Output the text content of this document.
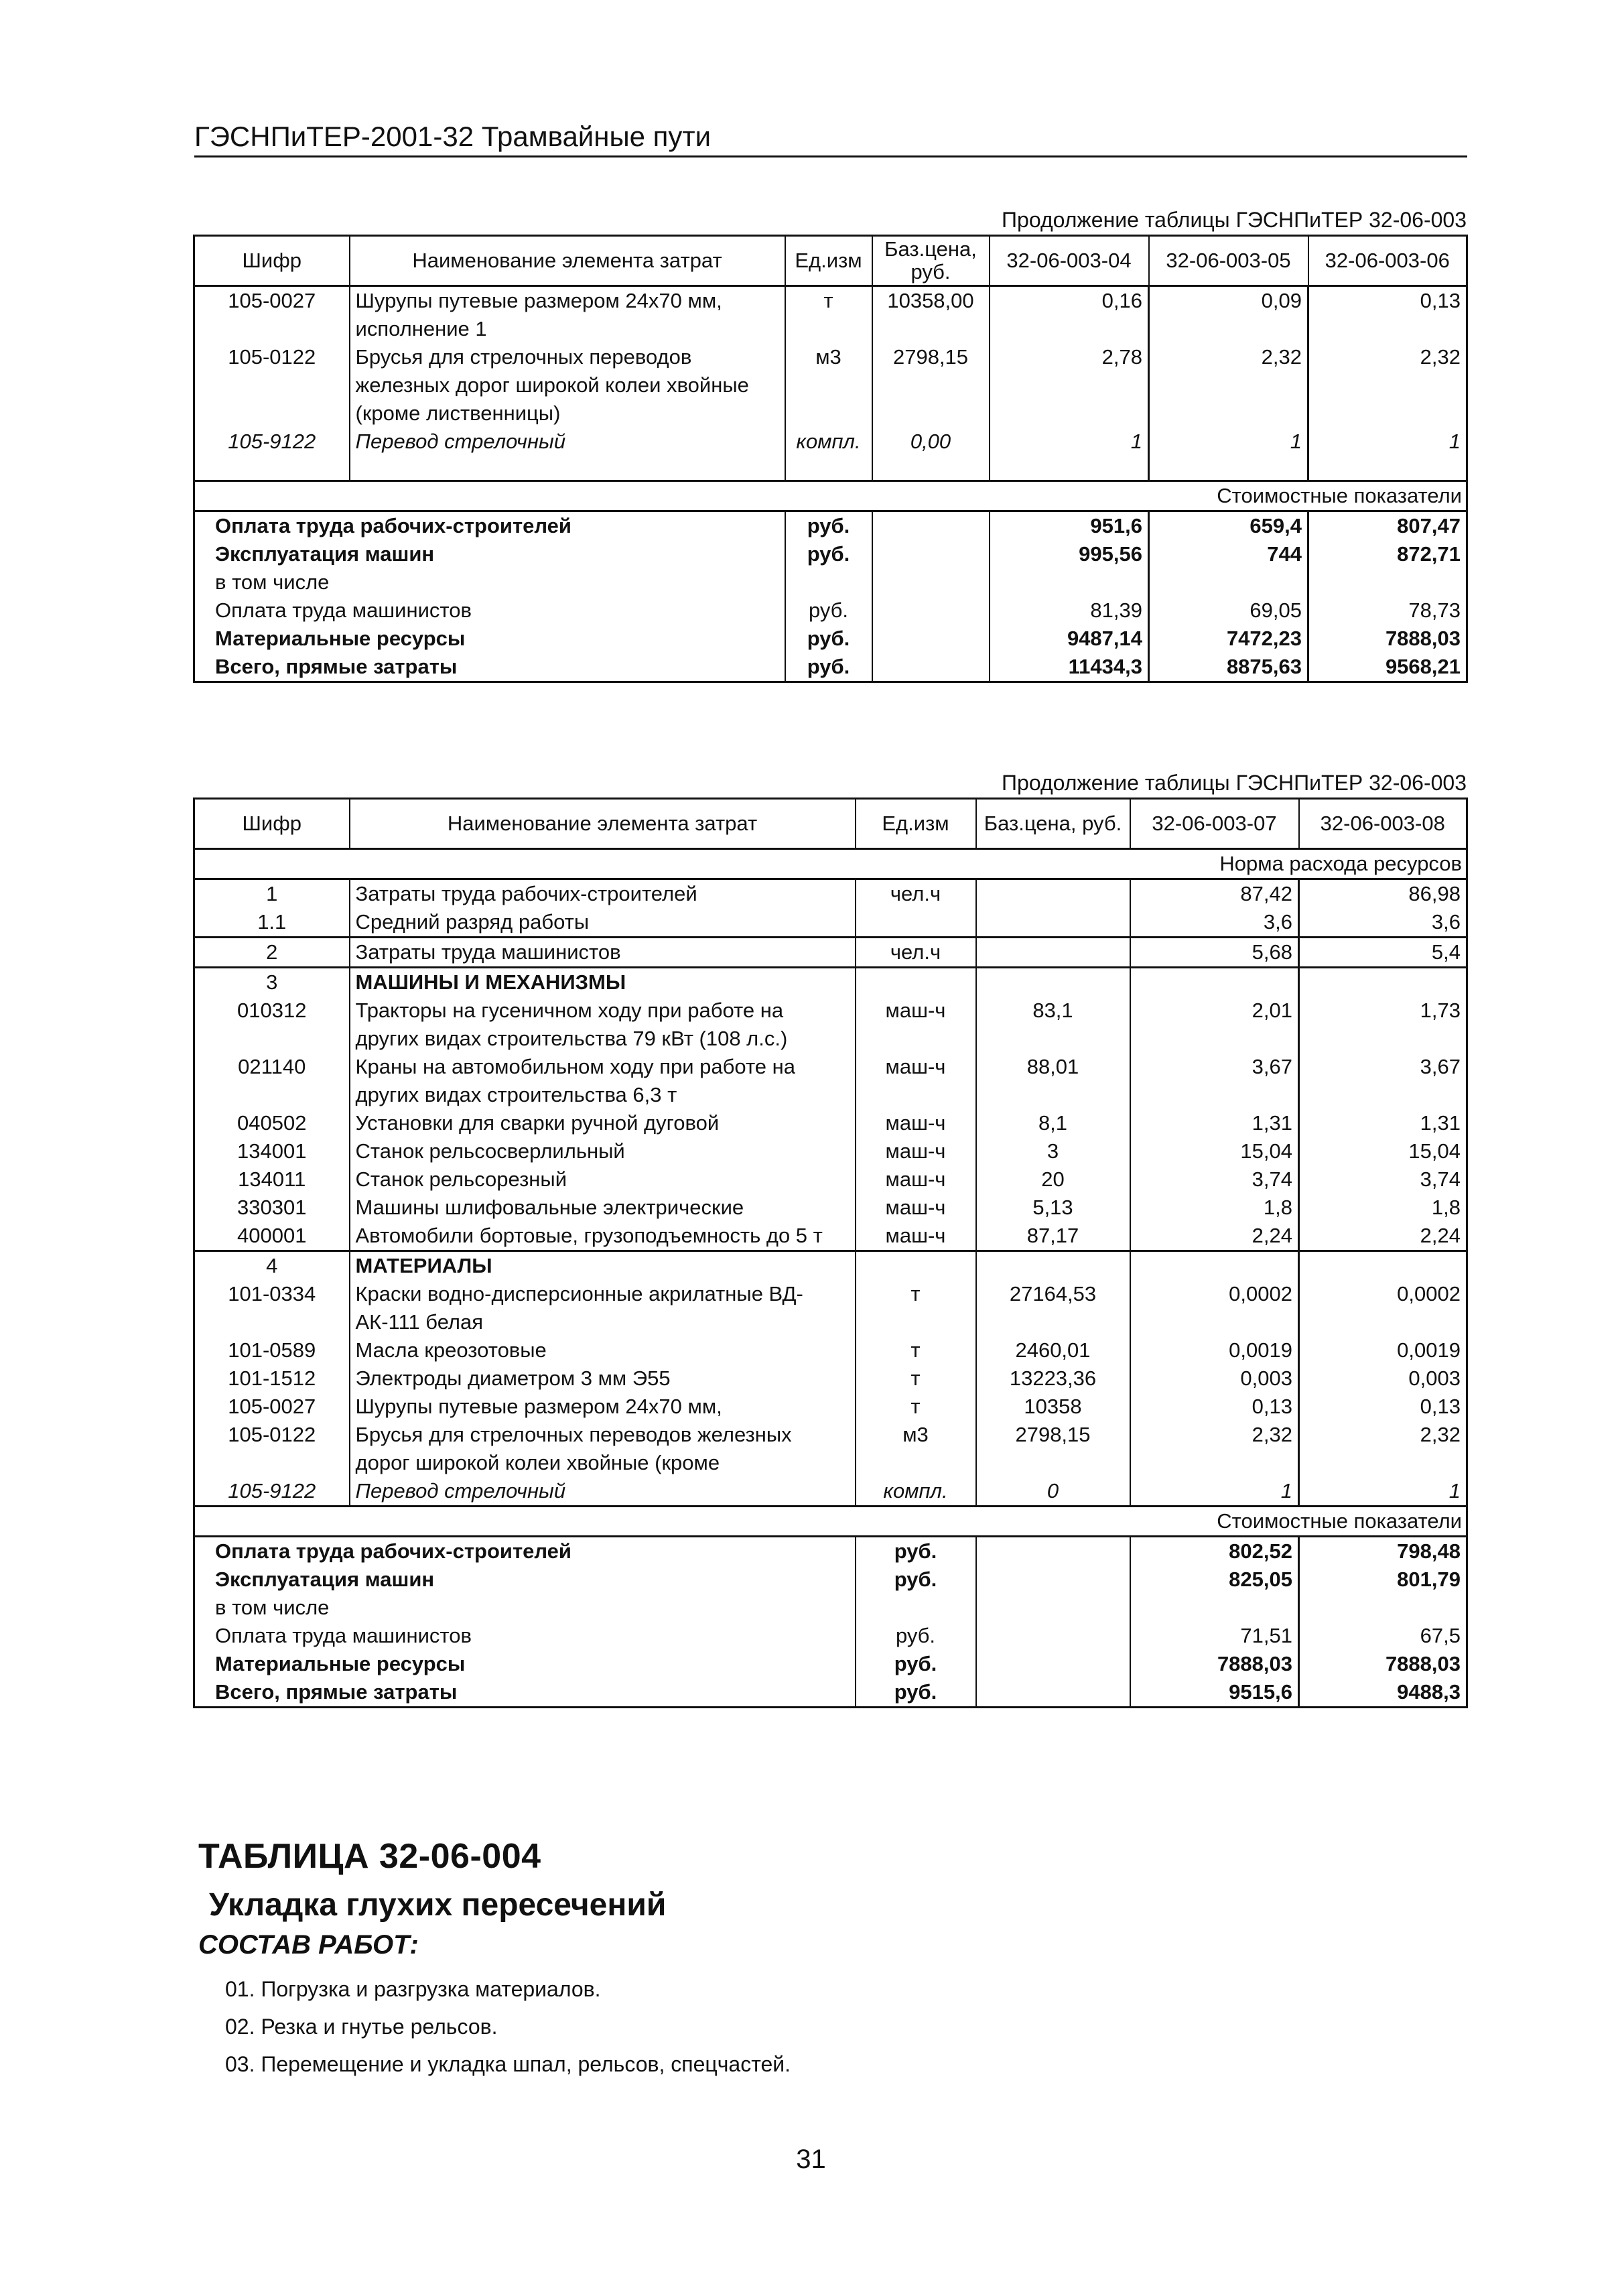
ГЭСНПиТЕР-2001-32 Трамвайные пути
Продолжение таблицы ГЭСНПиТЕР 32-06-003
Шифр	Наименование элемента затрат	Ед.изм	Баз.цена, руб.	32-06-003-04	32-06-003-05	32-06-003-06
105-0027	Шурупы путевые размером 24х70 мм, исполнение 1	т	10358,00	0,16	0,09	0,13
105-0122	Брусья для стрелочных переводов железных дорог широкой колеи хвойные (кроме лиственницы)	м3	2798,15	2,78	2,32	2,32
105-9122	Перевод стрелочный	компл.	0,00	1	1	1

Стоимостные показатели						
Оплата труда рабочих-строителей		руб.		951,6	659,4	807,47
Эксплуатация машин		руб.		995,56	744	872,71
в том числе						
Оплата труда машинистов		руб.		81,39	69,05	78,73
Материальные ресурсы		руб.		9487,14	7472,23	7888,03
Всего, прямые затраты		руб.		11434,3	8875,63	9568,21
Продолжение таблицы ГЭСНПиТЕР 32-06-003
Шифр	Наименование элемента затрат	Ед.изм	Баз.цена, руб.	32-06-003-07	32-06-003-08
Норма расхода ресурсов					
1	Затраты труда рабочих-строителей	чел.ч		87,42	86,98
1.1	Средний разряд работы			3,6	3,6
2	Затраты труда машинистов	чел.ч		5,68	5,4
3	МАШИНЫ И МЕХАНИЗМЫ				
010312	Тракторы на гусеничном ходу при работе на других видах строительства 79 кВт (108 л.с.)	маш-ч	83,1	2,01	1,73
021140	Краны на автомобильном ходу при работе на других видах строительства 6,3 т	маш-ч	88,01	3,67	3,67
040502	Установки для сварки ручной дуговой	маш-ч	8,1	1,31	1,31
134001	Станок рельсосверлильный	маш-ч	3	15,04	15,04
134011	Станок рельсорезный	маш-ч	20	3,74	3,74
330301	Машины шлифовальные электрические	маш-ч	5,13	1,8	1,8
400001	Автомобили бортовые, грузоподъемность до 5 т	маш-ч	87,17	2,24	2,24
4	МАТЕРИАЛЫ				
101-0334	Краски водно-дисперсионные акрилатные ВД-АК-111 белая	т	27164,53	0,0002	0,0002
101-0589	Масла креозотовые	т	2460,01	0,0019	0,0019
101-1512	Электроды диаметром 3 мм Э55	т	13223,36	0,003	0,003
105-0027	Шурупы путевые размером 24х70 мм,	т	10358	0,13	0,13
105-0122	Брусья для стрелочных переводов железных дорог широкой колеи хвойные (кроме	м3	2798,15	2,32	2,32
105-9122	Перевод стрелочный	компл.	0	1	1
Стоимостные показатели					
Оплата труда рабочих-строителей		руб.		802,52	798,48
Эксплуатация машин		руб.		825,05	801,79
в том числе					
Оплата труда машинистов		руб.		71,51	67,5
Материальные ресурсы		руб.		7888,03	7888,03
Всего, прямые затраты		руб.		9515,6	9488,3
ТАБЛИЦА 32-06-004
Укладка глухих пересечений
СОСТАВ РАБОТ:
01. Погрузка и разгрузка материалов.
02. Резка и гнутье рельсов.
03. Перемещение и укладка шпал, рельсов, спецчастей.
31
